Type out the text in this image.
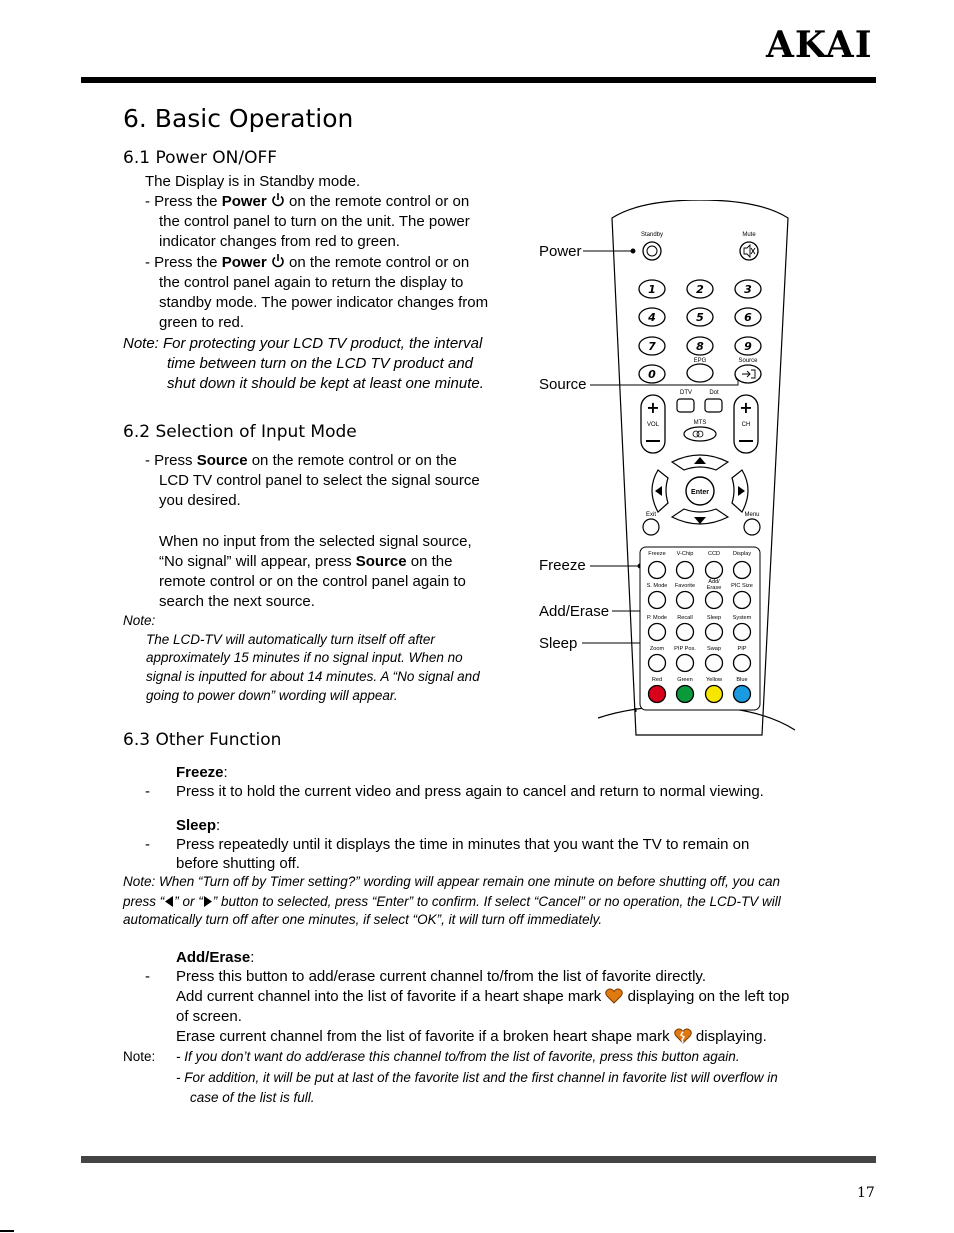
AKAI
6. Basic Operation
6.1 Power ON/OFF
The Display is in Standby mode.
- Press the Power  on the remote control or on
the control panel to turn on the unit. The power
indicator changes from red to green.
- Press the Power  on the remote control or on
the control panel again to return the display to
standby mode. The power indicator changes from
green to red.
Note: For protecting your LCD TV product, the interval
time between turn on the LCD TV product and
shut down it should be kept at least one minute.
6.2 Selection of Input Mode
- Press Source on the remote control or on the
LCD TV control panel to select the signal source
you desired.
When no input from the selected signal source,
“No signal” will appear, press Source on the
remote control or on the control panel again to
search the next source.
Note:
The LCD-TV will automatically turn itself off after
approximately 15 minutes if no signal input. When no
signal is inputted for about 14 minutes. A “No signal and
going to power down” wording will appear.
Standby	Mute
1	2	3
4	5	6
7	8	9
0
EPG	Source
DTV	Dot
+
VOL
+
CH
MTS
Enter
Exit	Menu
Freeze V-Chip	CCD Display
S. Mode Favorite
Add/
Erase PIC Size
P. Mode Recall	Sleep System
Zoom PIP Pos. Swap	PIP
Red	Green Yellow	Blue
Power
Source
Freeze
Add/Erase
Sleep
6.3 Other Function
Freeze:
- Press it to hold the current video and press again to cancel and return to normal viewing.
Sleep:
- Press repeatedly until it displays the time in minutes that you want the TV to remain on
before shutting off.
Note: When “Turn off by Timer setting?” wording will appear remain one minute on before shutting off, you can
press “ ” or “ ” button to selected, press “Enter” to confirm. If select “Cancel” or no operation, the LCD-TV will
automatically turn off after one minutes, if select “OK”, it will turn off immediately.
Add/Erase:
- Press this button to add/erase current channel to/from the list of favorite directly.
Add current channel into the list of favorite if a heart shape mark  displaying on the left top
of screen.
Erase current channel from the list of favorite if a broken heart shape mark  displaying.
Note: - If you don’t want do add/erase this channel to/from the list of favorite, press this button again.
- For addition, it will be put at last of the favorite list and the first channel in favorite list will overflow in
case of the list is full.
17
